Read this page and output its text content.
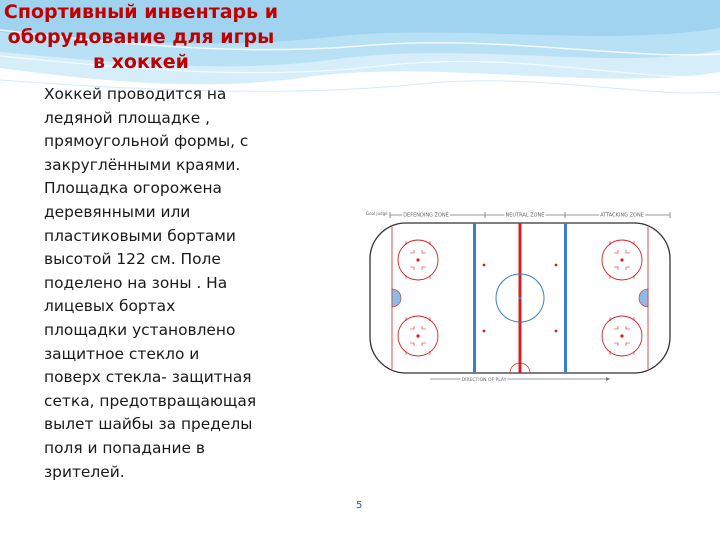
Спортивный инвентарь и
оборудование для игры
в хоккей
Хоккей проводится на
ледяной площадке ,
прямоугольной формы, с
закруглёнными краями.
Площадка огорожена
деревянными или
пластиковыми бортами
высотой 122 см. Поле
поделено на зоны . На
лицевых бортах
площадки установлено
защитное стекло и
поверх стекла- защитная
сетка, предотвращающая
вылет шайбы за пределы
поля и попадание в
зрителей.
Goal judge	DEFENDING ZONE	NEUTRAL ZONE	ATTACKING ZONE
DIRECTION OF PLAY
5
